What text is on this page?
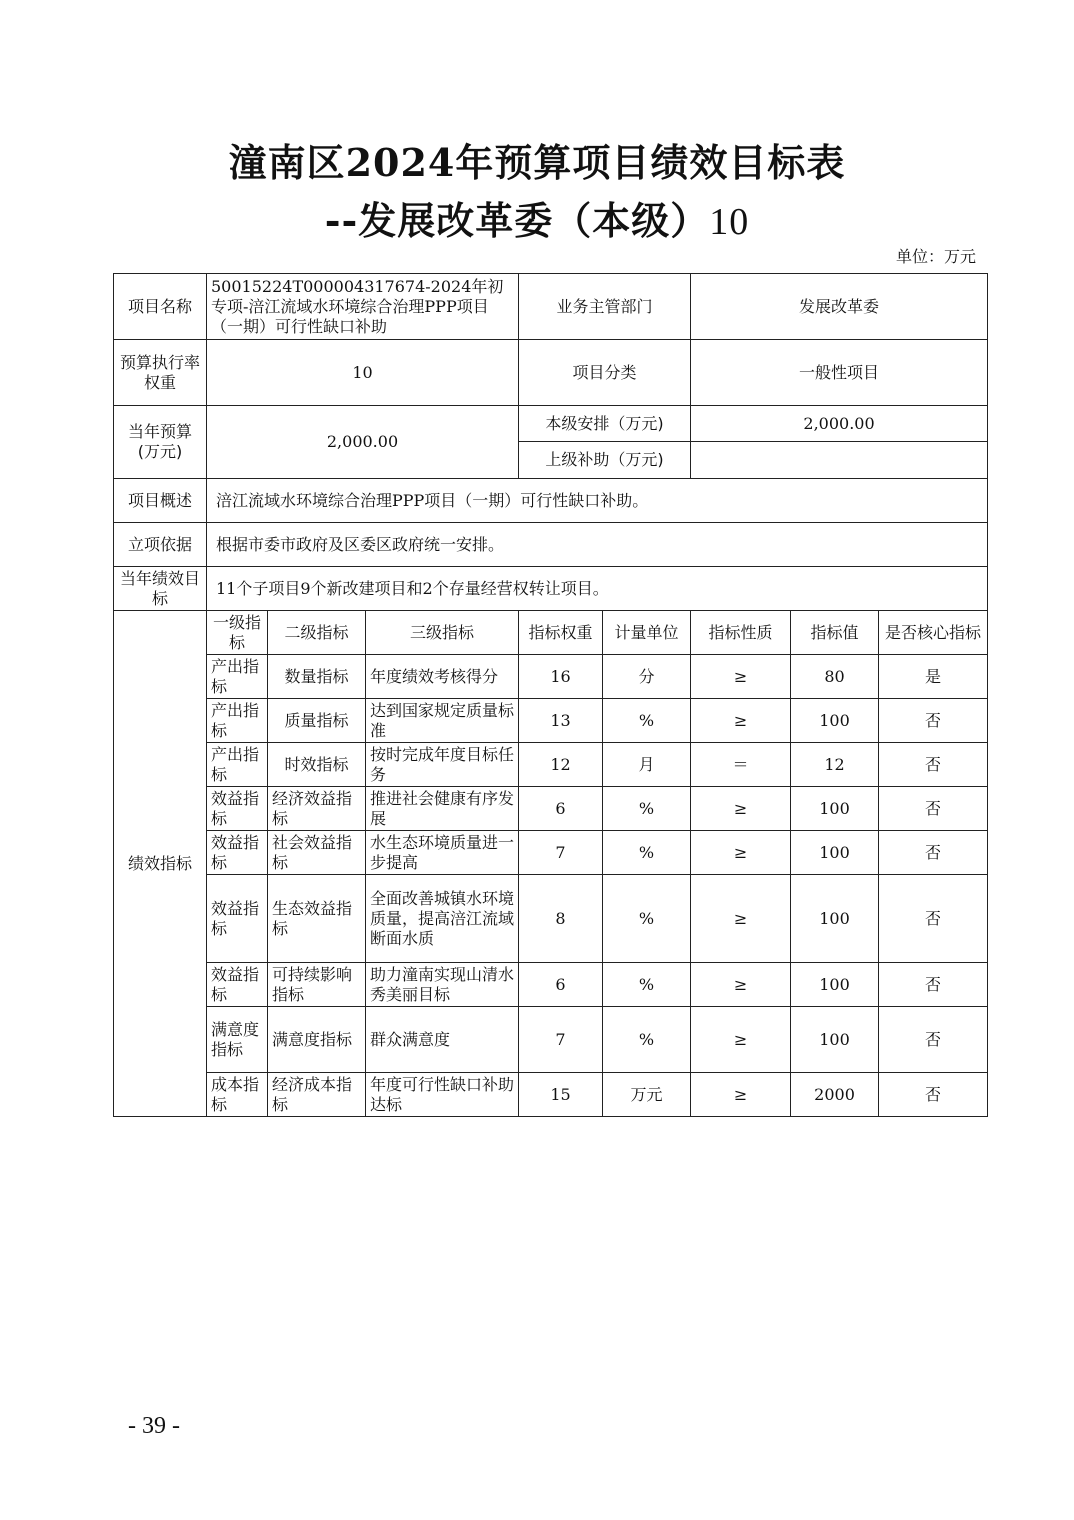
潼南区2024年预算项目绩效目标表
--发展改革委（本级）10
单位：万元
项目名称	50015224T000004317674-2024年初专项-涪江流域水环境综合治理PPP项目（一期）可行性缺口补助			业务主管部门		发展改革委		
预算执行率权重	10			项目分类		一般性项目		
当年预算(万元)	2,000.00			本级安排（万元)		2,000.00		
				上级补助（万元)				
项目概述	涪江流域水环境综合治理PPP项目（一期）可行性缺口补助。							
立项依据	根据市委市政府及区委区政府统一安排。							
当年绩效目标	11个子项目9个新改建项目和2个存量经营权转让项目。							
绩效指标	一级指标	二级指标	三级指标	指标权重	计量单位	指标性质	指标值	是否核心指标
	产出指标	数量指标	年度绩效考核得分	16	分	≥	80	是
	产出指标	质量指标	达到国家规定质量标准	13	%	≥	100	否
	产出指标	时效指标	按时完成年度目标任务	12	月	＝	12	否
	效益指标	经济效益指标	推进社会健康有序发展	6	%	≥	100	否
	效益指标	社会效益指标	水生态环境质量进一步提高	7	%	≥	100	否
	效益指标	生态效益指标	全面改善城镇水环境质量，提高涪江流域断面水质	8	%	≥	100	否
	效益指标	可持续影响指标	助力潼南实现山清水秀美丽目标	6	%	≥	100	否
	满意度指标	满意度指标	群众满意度	7	%	≥	100	否
	成本指标	经济成本指标	年度可行性缺口补助达标	15	万元	≥	2000	否
- 39 -
